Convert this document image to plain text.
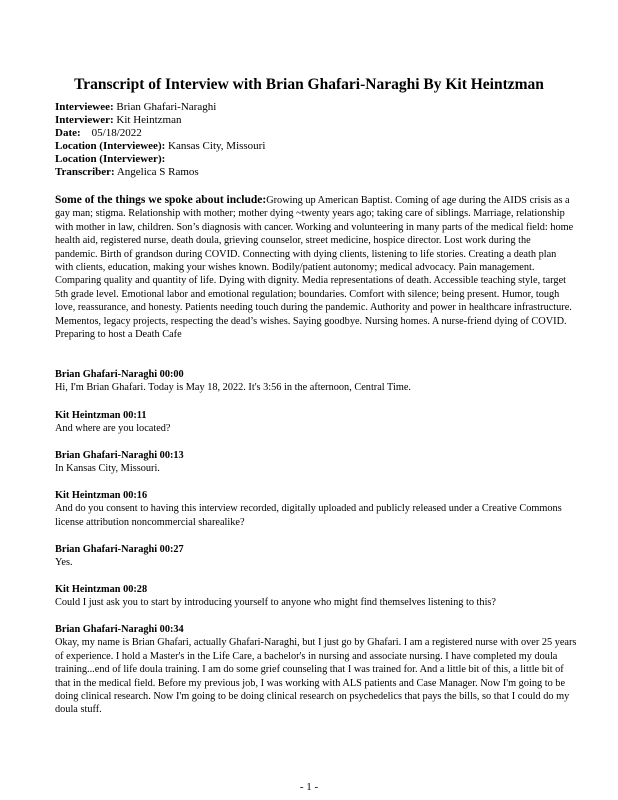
Transcript of Interview with Brian Ghafari-Naraghi By Kit Heintzman
Interviewee: Brian Ghafari-Naraghi
Interviewer: Kit Heintzman
Date: 05/18/2022
Location (Interviewee): Kansas City, Missouri
Location (Interviewer):
Transcriber: Angelica S Ramos
Some of the things we spoke about include:Growing up American Baptist. Coming of age during the AIDS crisis as a gay man; stigma. Relationship with mother; mother dying ~twenty years ago; taking care of siblings. Marriage, relationship with mother in law, children. Son’s diagnosis with cancer. Working and volunteering in many parts of the medical field: home health aid, registered nurse, death doula, grieving counselor, street medicine, hospice director. Lost work during the pandemic. Birth of grandson during COVID. Connecting with dying clients, listening to life stories. Creating a death plan with clients, education, making your wishes known. Bodily/patient autonomy; medical advocacy. Pain management. Comparing quality and quantity of life. Dying with dignity. Media representations of death. Accessible teaching style, target 5th grade level. Emotional labor and emotional regulation; boundaries. Comfort with silence; being present. Humor, tough love, reassurance, and honesty. Patients needing touch during the pandemic. Authority and power in healthcare infrastructure. Mementos, legacy projects, respecting the dead’s wishes. Saying goodbye. Nursing homes. A nurse-friend dying of COVID. Preparing to host a Death Cafe
Brian Ghafari-Naraghi 00:00
Hi, I'm Brian Ghafari. Today is May 18, 2022. It's 3:56 in the afternoon, Central Time.
Kit Heintzman 00:11
And where are you located?
Brian Ghafari-Naraghi 00:13
In Kansas City, Missouri.
Kit Heintzman 00:16
And do you consent to having this interview recorded, digitally uploaded and publicly released under a Creative Commons license attribution noncommercial sharealike?
Brian Ghafari-Naraghi 00:27
Yes.
Kit Heintzman 00:28
Could I just ask you to start by introducing yourself to anyone who might find themselves listening to this?
Brian Ghafari-Naraghi 00:34
Okay, my name is Brian Ghafari, actually Ghafari-Naraghi, but I just go by Ghafari. I am a registered nurse with over 25 years of experience. I hold a Master's in the Life Care, a bachelor's in nursing and associate nursing. I have completed my doula training...end of life doula training. I am do some grief counseling that I was trained for. And a little bit of this, a little bit of that in the medical field. Before my previous job, I was working with ALS patients and Case Manager. Now I'm going to be doing clinical research. Now I'm going to be doing clinical research on psychedelics that pays the bills, so that I could do my doula stuff.
- 1 -
